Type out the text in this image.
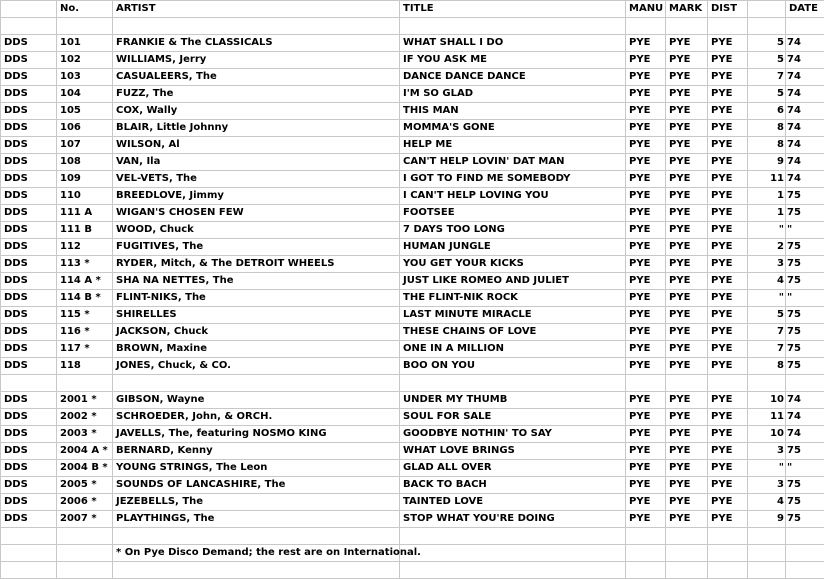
	No.	ARTIST	TITLE	MANU	MARK	DIST		DATE

DDS	101	FRANKIE & The CLASSICALS	WHAT SHALL I DO	PYE	PYE	PYE	5	74
DDS	102	WILLIAMS, Jerry	IF YOU ASK ME	PYE	PYE	PYE	5	74
DDS	103	CASUALEERS, The	DANCE DANCE DANCE	PYE	PYE	PYE	7	74
DDS	104	FUZZ, The	I'M SO GLAD	PYE	PYE	PYE	5	74
DDS	105	COX, Wally	THIS MAN	PYE	PYE	PYE	6	74
DDS	106	BLAIR, Little Johnny	MOMMA'S GONE	PYE	PYE	PYE	8	74
DDS	107	WILSON, Al	HELP ME	PYE	PYE	PYE	8	74
DDS	108	VAN, Ila	CAN'T HELP LOVIN' DAT MAN	PYE	PYE	PYE	9	74
DDS	109	VEL-VETS, The	I GOT TO FIND ME SOMEBODY	PYE	PYE	PYE	11	74
DDS	110	BREEDLOVE, Jimmy	I CAN'T HELP LOVING YOU	PYE	PYE	PYE	1	75
DDS	111 A	WIGAN'S CHOSEN FEW	FOOTSEE	PYE	PYE	PYE	1	75
DDS	111 B	WOOD, Chuck	7 DAYS TOO LONG	PYE	PYE	PYE	"	"
DDS	112	FUGITIVES, The	HUMAN JUNGLE	PYE	PYE	PYE	2	75
DDS	113 *	RYDER, Mitch, & The DETROIT WHEELS	YOU GET YOUR KICKS	PYE	PYE	PYE	3	75
DDS	114 A *	SHA NA NETTES, The	JUST LIKE ROMEO AND JULIET	PYE	PYE	PYE	4	75
DDS	114 B *	FLINT-NIKS, The	THE FLINT-NIK ROCK	PYE	PYE	PYE	"	"
DDS	115 *	SHIRELLES	LAST MINUTE MIRACLE	PYE	PYE	PYE	5	75
DDS	116 *	JACKSON, Chuck	THESE CHAINS OF LOVE	PYE	PYE	PYE	7	75
DDS	117 *	BROWN, Maxine	ONE IN A MILLION	PYE	PYE	PYE	7	75
DDS	118	JONES, Chuck, & CO.	BOO ON YOU	PYE	PYE	PYE	8	75

DDS	2001 *	GIBSON, Wayne	UNDER MY THUMB	PYE	PYE	PYE	10	74
DDS	2002 *	SCHROEDER, John, & ORCH.	SOUL FOR SALE	PYE	PYE	PYE	11	74
DDS	2003 *	JAVELLS, The, featuring NOSMO KING	GOODBYE NOTHIN' TO SAY	PYE	PYE	PYE	10	74
DDS	2004 A *	BERNARD, Kenny	WHAT LOVE BRINGS	PYE	PYE	PYE	3	75
DDS	2004 B *	YOUNG STRINGS, The Leon	GLAD ALL OVER	PYE	PYE	PYE	"	"
DDS	2005 *	SOUNDS OF LANCASHIRE, The	BACK TO BACH	PYE	PYE	PYE	3	75
DDS	2006 *	JEZEBELLS, The	TAINTED LOVE	PYE	PYE	PYE	4	75
DDS	2007 *	PLAYTHINGS, The	STOP WHAT YOU'RE DOING	PYE	PYE	PYE	9	75

		* On Pye Disco Demand; the rest are on International.						
